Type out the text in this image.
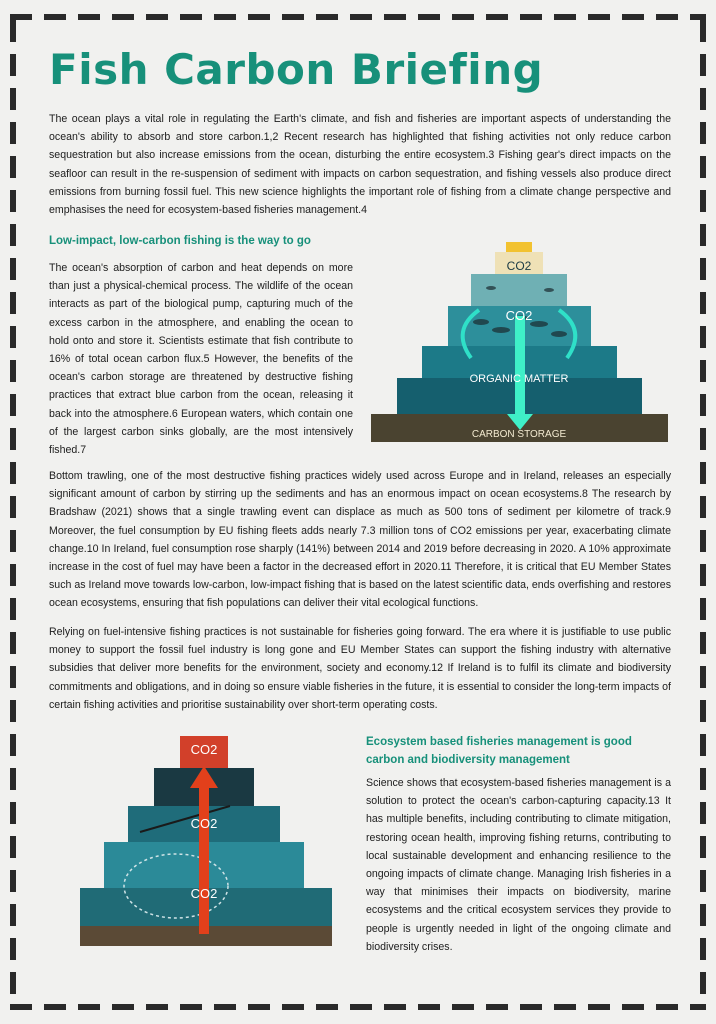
Fish Carbon Briefing

The ocean plays a vital role in regulating the Earth's climate, and fish and fisheries are important aspects of understanding the ocean's ability to absorb and store carbon.1,2 Recent research has highlighted that fishing activities not only reduce carbon sequestration but also increase emissions from the ocean, disturbing the entire ecosystem.3 Fishing gear's direct impacts on the seafloor can result in the re-suspension of sediment with impacts on carbon sequestration, and fishing vessels also produce direct emissions from burning fossil fuel. This new science highlights the important role of fishing from a climate change perspective and emphasises the need for ecosystem-based fisheries management.4

Low-impact, low-carbon fishing is the way to go

The ocean's absorption of carbon and heat depends on more than just a physical-chemical process. The wildlife of the ocean interacts as part of the biological pump, capturing much of the excess carbon in the atmosphere, and enabling the ocean to hold onto and store it. Scientists estimate that fish contribute to 16% of total ocean carbon flux.5 However, the benefits of the ocean's carbon storage are threatened by destructive fishing practices that extract blue carbon from the ocean, releasing it back into the atmosphere.6 European waters, which contain one of the largest carbon sinks globally, are the most intensively fished.7

Bottom trawling, one of the most destructive fishing practices widely used across Europe and in Ireland, releases an especially significant amount of carbon by stirring up the sediments and has an enormous impact on ocean ecosystems.8 The research by Bradshaw (2021) shows that a single trawling event can displace as much as 500 tons of sediment per kilometre of track.9 Moreover, the fuel consumption by EU fishing fleets adds nearly 7.3 million tons of CO2 emissions per year, exacerbating climate change.10 In Ireland, fuel consumption rose sharply (141%) between 2014 and 2019 before decreasing in 2020. A 10% approximate increase in the cost of fuel may have been a factor in the decreased effort in 2020.11 Therefore, it is critical that EU Member States such as Ireland move towards low-carbon, low-impact fishing that is based on the latest scientific data, ends overfishing and restores ocean ecosystems, ensuring that fish populations can deliver their vital ecological functions.

Relying on fuel-intensive fishing practices is not sustainable for fisheries going forward. The era where it is justifiable to use public money to support the fossil fuel industry is long gone and EU Member States can support the fishing industry with alternative subsidies that deliver more benefits for the environment, society and economy.12 If Ireland is to fulfil its climate and biodiversity commitments and obligations, and in doing so ensure viable fisheries in the future, it is essential to consider the long-term impacts of certain fishing activities and prioritise sustainability over short-term operating costs.

Ecosystem based fisheries management is good carbon and biodiversity management

Science shows that ecosystem-based fisheries management is a solution to protect the ocean's carbon-capturing capacity.13 It has multiple benefits, including contributing to climate mitigation, restoring ocean health, improving fishing returns, contributing to local sustainable development and enhancing resilience to the ongoing impacts of climate change. Managing Irish fisheries in a way that minimises their impacts on biodiversity, marine ecosystems and the critical ecosystem services they provide to people is urgently needed in light of the ongoing climate and biodiversity crises.

CO2
CO2
ORGANIC MATTER
CARBON STORAGE
CO2
CO2
CO2
